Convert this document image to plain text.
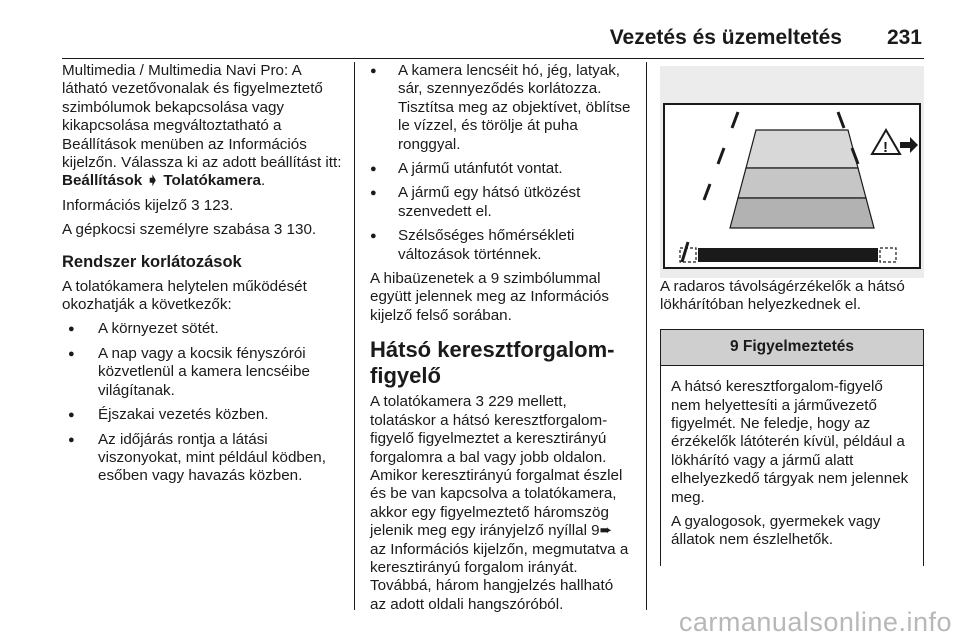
Vezetés és üzemeltetés 231

Multimedia / Multimedia Navi Pro: A látható vezetővonalak és figyelmeztető szimbólumok bekapcsolása vagy kikapcsolása megváltoztatható a Beállítások menüben az Információs kijelzőn. Válassza ki az adott beállítást itt: Beállítások ➧ Tolatókamera.

Információs kijelző 3 123.

A gépkocsi személyre szabása 3 130.

Rendszer korlátozások

A tolatókamera helytelen működését okozhatják a következők:

● A környezet sötét.
● A nap vagy a kocsik fényszórói közvetlenül a kamera lencséibe világítanak.
● Éjszakai vezetés közben.
● Az időjárás rontja a látási viszonyokat, mint például ködben, esőben vagy havazás közben.
● A kamera lencséit hó, jég, latyak, sár, szennyeződés korlátozza. Tisztítsa meg az objektívet, öblítse le vízzel, és törölje át puha ronggyal.
● A jármű utánfutót vontat.
● A jármű egy hátsó ütközést szenvedett el.
● Szélsőséges hőmérsékleti változások történnek.

A hibaüzenetek a 9 szimbólummal együtt jelennek meg az Információs kijelző felső sorában.

Hátsó keresztforgalom-figyelő

A tolatókamera 3 229 mellett, tolatáskor a hátsó keresztforgalom-figyelő figyelmeztet a keresztirányú forgalomra a bal vagy jobb oldalon. Amikor keresztirányú forgalmat észlel és be van kapcsolva a tolatókamera, akkor egy figyelmeztető háromszög jelenik meg egy irányjelző nyíllal 9➨ az Információs kijelzőn, megmutatva a keresztirányú forgalom irányát. Továbbá, három hangjelzés hallható az adott oldali hangszóróból.

!

A radaros távolságérzékelők a hátsó lökhárítóban helyezkednek el.

9 Figyelmeztetés

A hátsó keresztforgalom-figyelő nem helyettesíti a járművezető figyelmét. Ne feledje, hogy az érzékelők látóterén kívül, például a lökhárító vagy a jármű alatt elhelyezkedő tárgyak nem jelennek meg.

A gyalogosok, gyermekek vagy állatok nem észlelhetők.

carmanualsonline.info
